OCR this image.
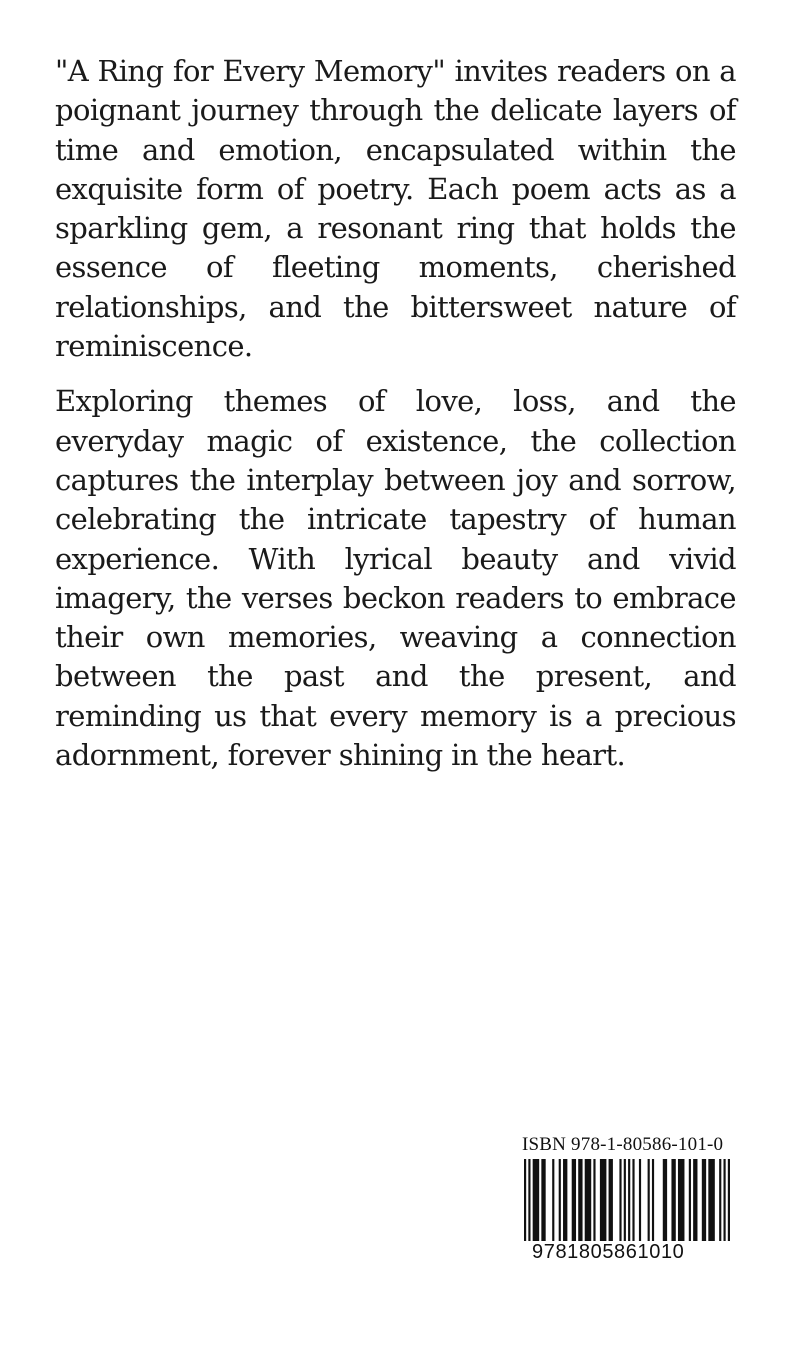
"A Ring for Every Memory" invites readers on a poignant journey through the delicate layers of time and emotion, encapsulated within the exquisite form of poetry. Each poem acts as a sparkling gem, a resonant ring that holds the essence of fleeting moments, cherished relationships, and the bittersweet nature of reminiscence.

Exploring themes of love, loss, and the everyday magic of existence, the collection captures the interplay between joy and sorrow, celebrating the intricate tapestry of human experience. With lyrical beauty and vivid imagery, the verses beckon readers to embrace their own memories, weaving a connection between the past and the present, and reminding us that every memory is a precious adornment, forever shining in the heart.

ISBN 978-1-80586-101-0
9781805861010
